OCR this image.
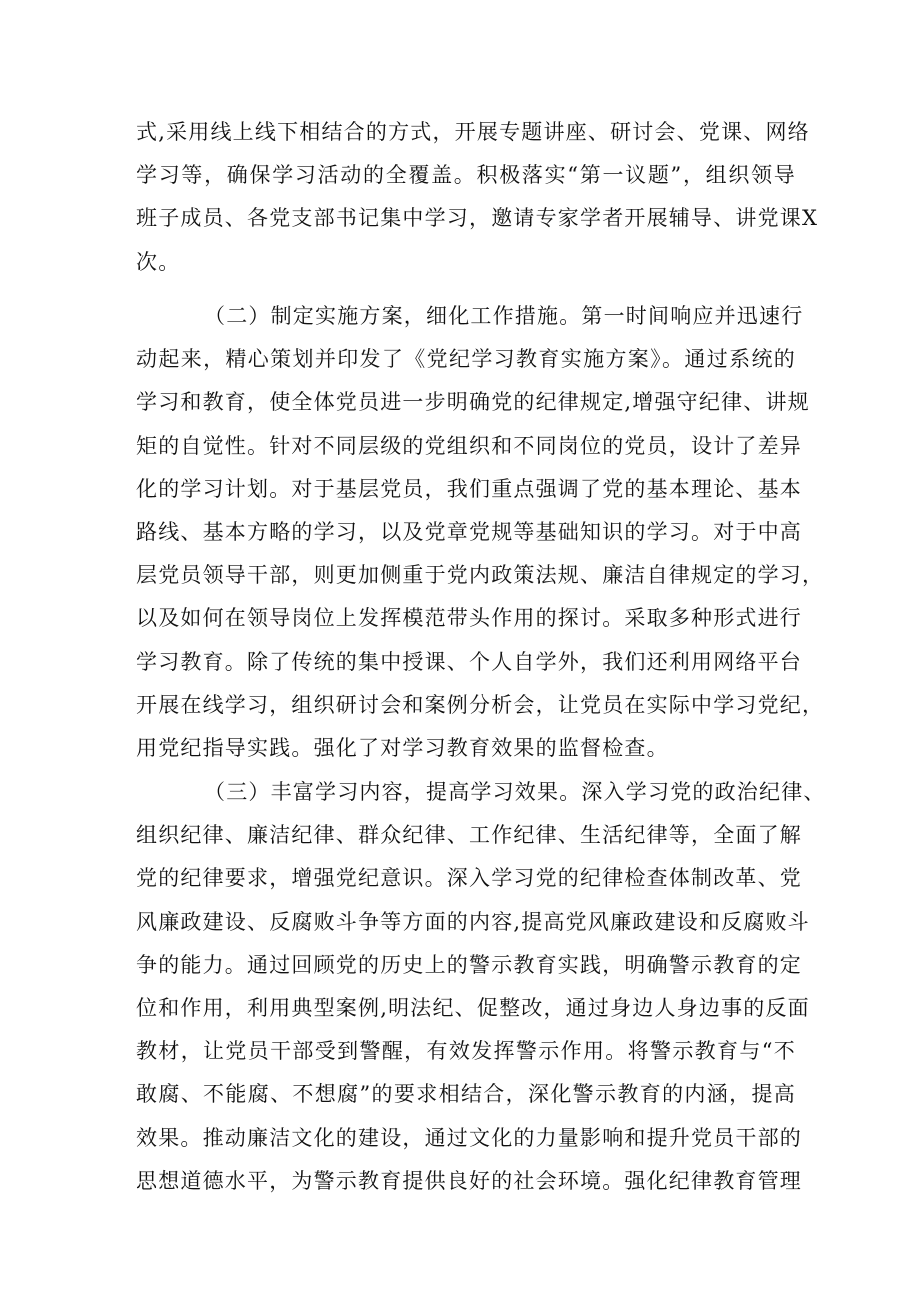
式,采用线上线下相结合的方式，开展专题讲座、研讨会、党课、网络
学习等，确保学习活动的全覆盖。积极落实“第一议题”，组织领导
班子成员、各党支部书记集中学习，邀请专家学者开展辅导、讲党课X
次。
（二）制定实施方案，细化工作措施。第一时间响应并迅速行
动起来，精心策划并印发了《党纪学习教育实施方案》。通过系统的
学习和教育，使全体党员进一步明确党的纪律规定,增强守纪律、讲规
矩的自觉性。针对不同层级的党组织和不同岗位的党员，设计了差异
化的学习计划。对于基层党员，我们重点强调了党的基本理论、基本
路线、基本方略的学习，以及党章党规等基础知识的学习。对于中高
层党员领导干部，则更加侧重于党内政策法规、廉洁自律规定的学习，
以及如何在领导岗位上发挥模范带头作用的探讨。采取多种形式进行
学习教育。除了传统的集中授课、个人自学外，我们还利用网络平台
开展在线学习，组织研讨会和案例分析会，让党员在实际中学习党纪，
用党纪指导实践。强化了对学习教育效果的监督检查。
（三）丰富学习内容，提高学习效果。深入学习党的政治纪律、
组织纪律、廉洁纪律、群众纪律、工作纪律、生活纪律等，全面了解
党的纪律要求，增强党纪意识。深入学习党的纪律检查体制改革、党
风廉政建设、反腐败斗争等方面的内容,提高党风廉政建设和反腐败斗
争的能力。通过回顾党的历史上的警示教育实践，明确警示教育的定
位和作用，利用典型案例,明法纪、促整改，通过身边人身边事的反面
教材，让党员干部受到警醒，有效发挥警示作用。将警示教育与“不
敢腐、不能腐、不想腐”的要求相结合，深化警示教育的内涵，提高
效果。推动廉洁文化的建设，通过文化的力量影响和提升党员干部的
思想道德水平，为警示教育提供良好的社会环境。强化纪律教育管理
